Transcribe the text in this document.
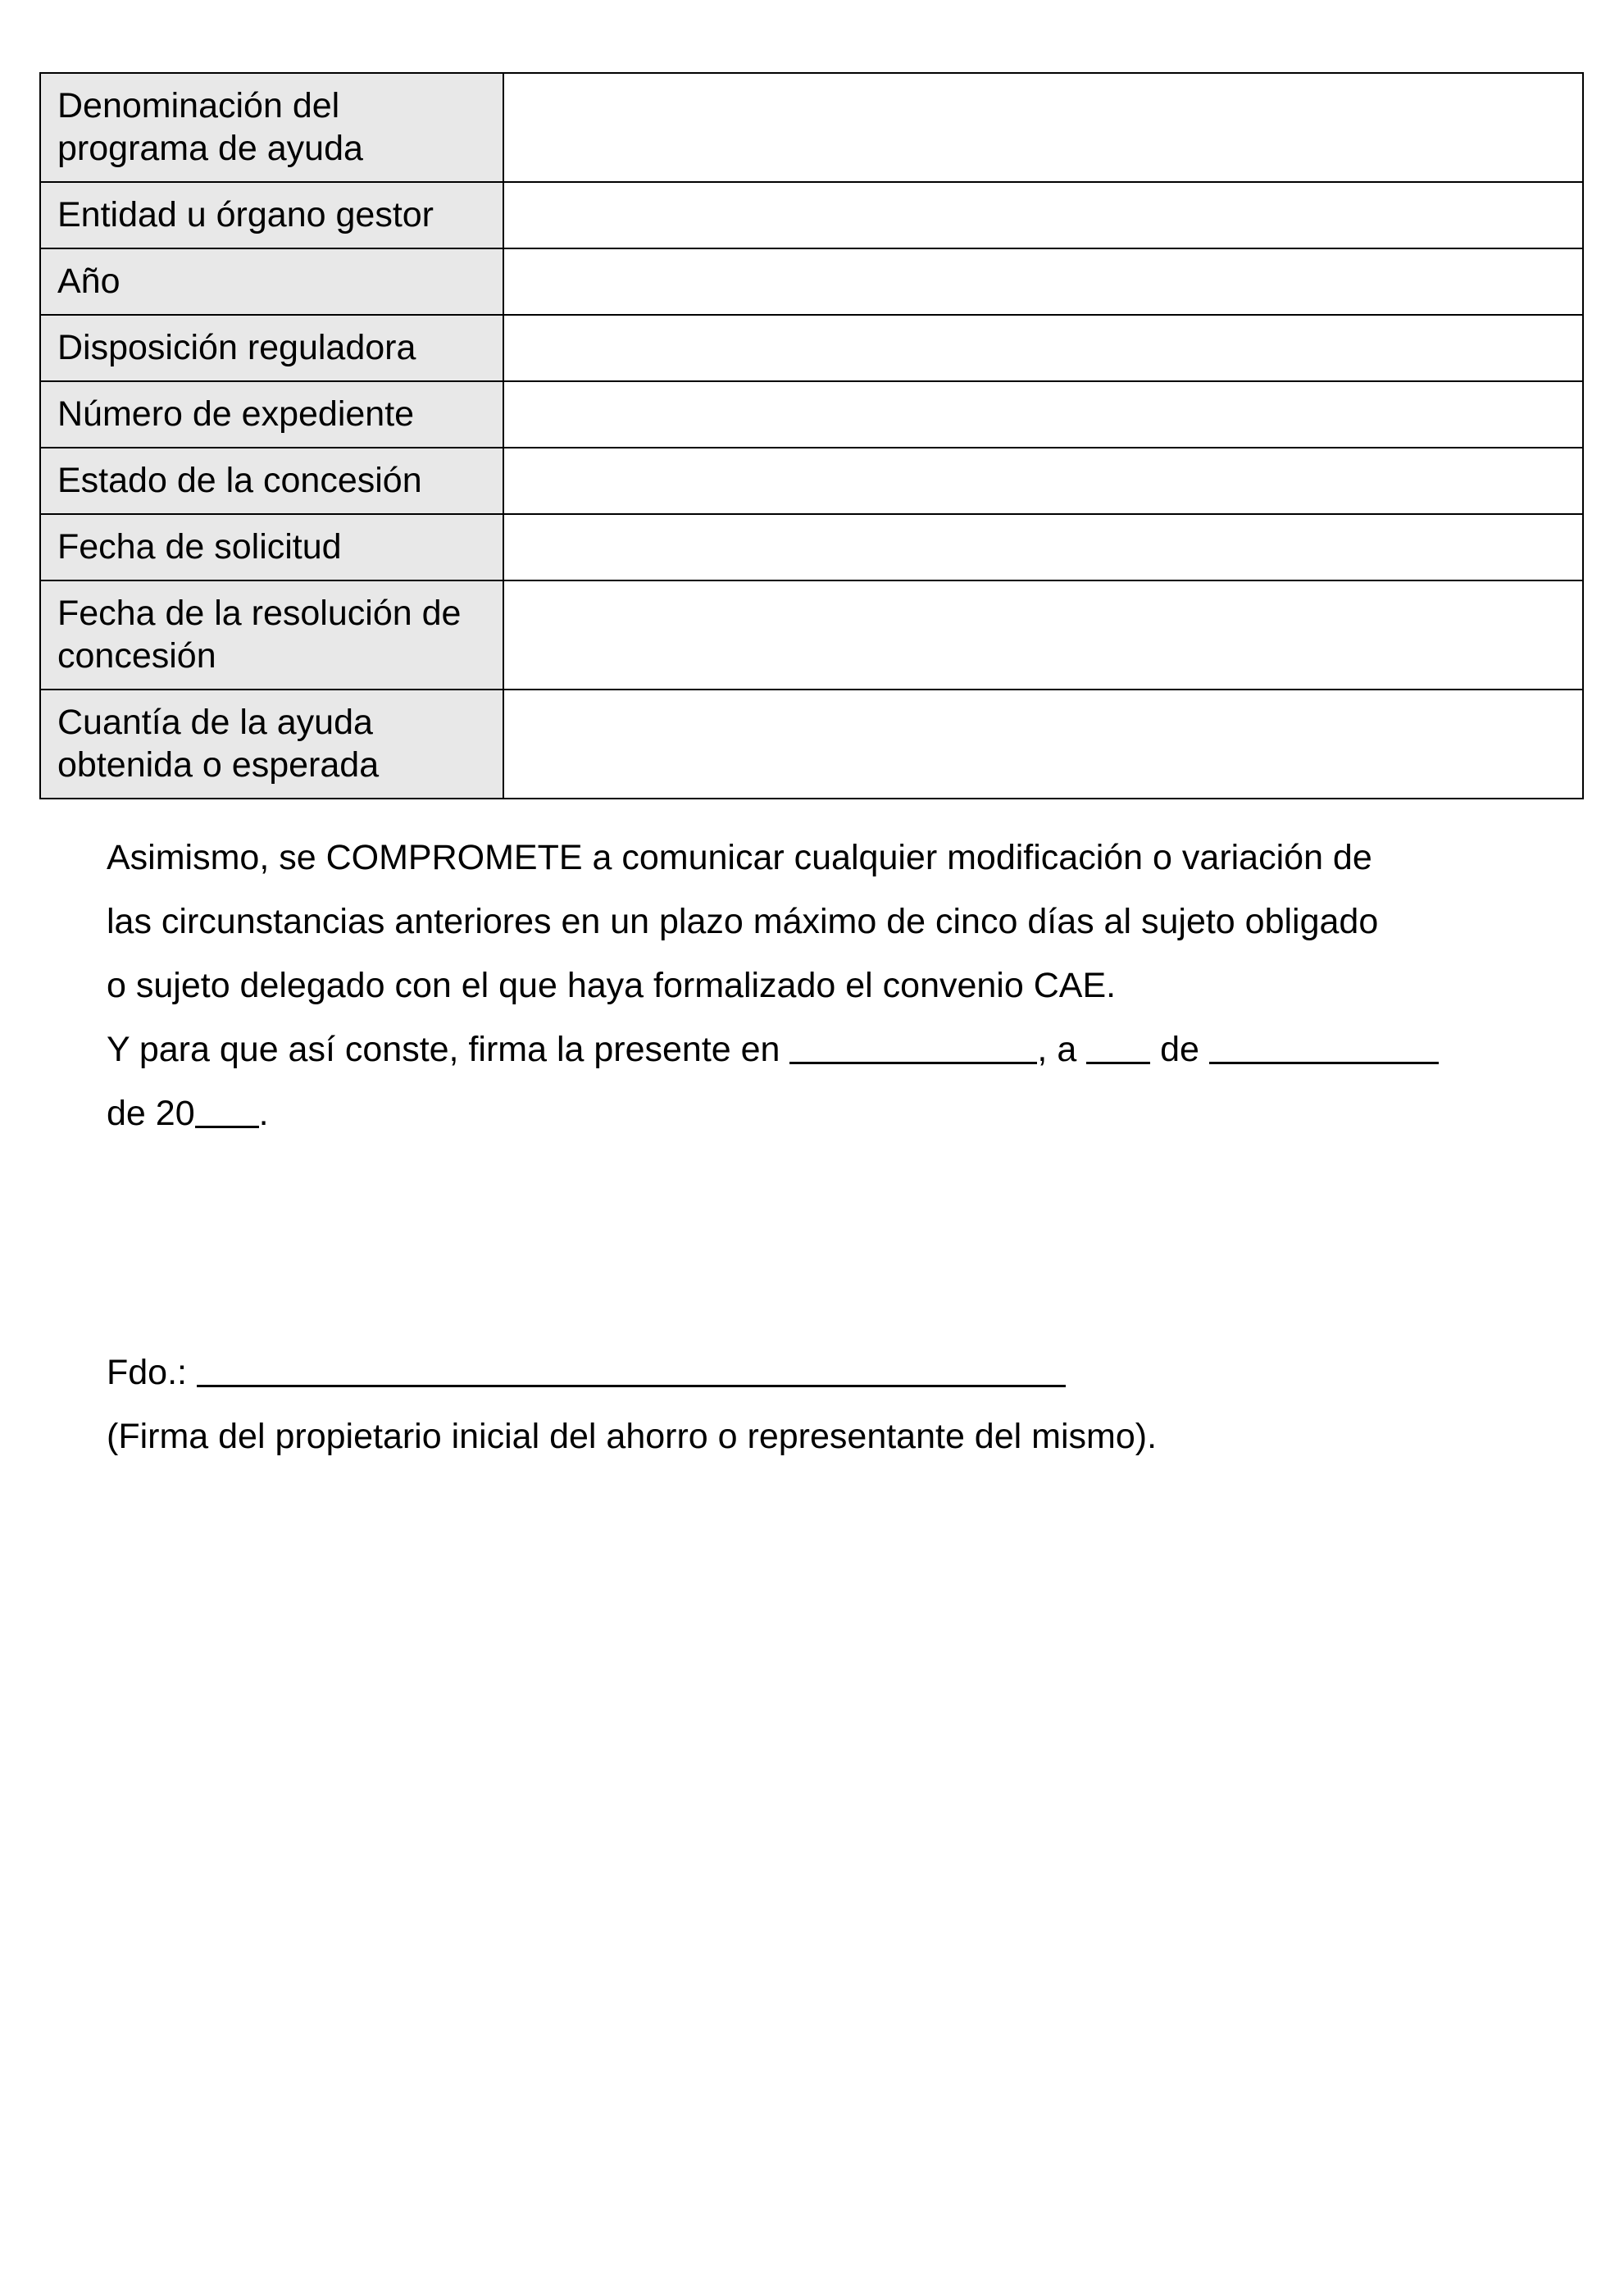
Denominación del programa de ayuda	
Entidad u órgano gestor	
Año	
Disposición reguladora	
Número de expediente	
Estado de la concesión	
Fecha de solicitud	
Fecha de la resolución de concesión	
Cuantía de la ayuda obtenida o esperada	

Asimismo, se COMPROMETE a comunicar cualquier modificación o variación de

las circunstancias anteriores en un plazo máximo de cinco días al sujeto obligado

o sujeto delegado con el que haya formalizado el convenio CAE.

Y para que así conste, firma la presente en	, a  de

de 20 .

Fdo.:

(Firma del propietario inicial del ahorro o representante del mismo).
